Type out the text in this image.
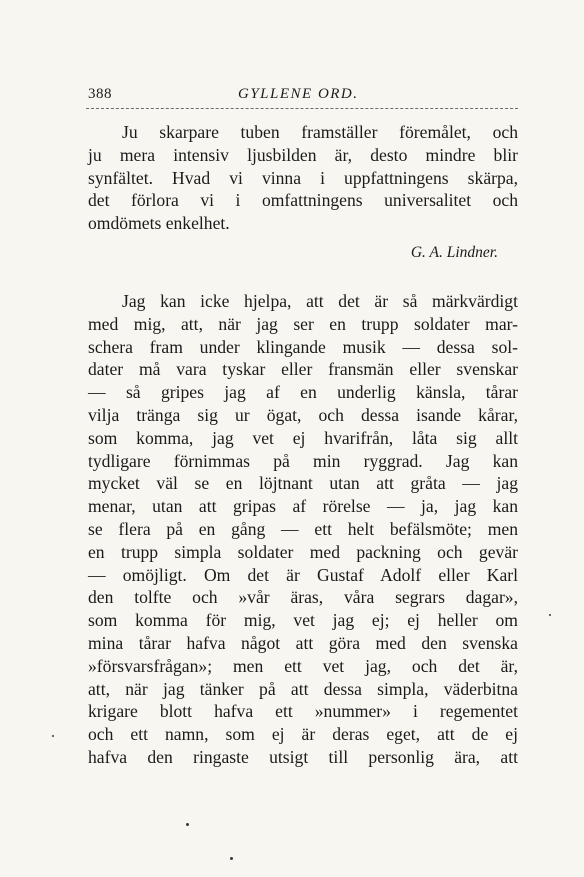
388	GYLLENE ORD.
Ju skarpare tuben framställer föremålet, och
ju mera intensiv ljusbilden är, desto mindre blir
synfältet. Hvad vi vinna i uppfattningens skärpa,
det förlora vi i omfattningens universalitet och
omdömets enkelhet.
G. A. Lindner.
Jag kan icke hjelpa, att det är så märkvärdigt
med mig, att, när jag ser en trupp soldater mar-
schera fram under klingande musik — dessa sol-
dater må vara tyskar eller fransmän eller svenskar
— så gripes jag af en underlig känsla, tårar
vilja tränga sig ur ögat, och dessa isande kårar,
som komma, jag vet ej hvarifrån, låta sig allt
tydligare förnimmas på min ryggrad. Jag kan
mycket väl se en löjtnant utan att gråta — jag
menar, utan att gripas af rörelse — ja, jag kan
se flera på en gång — ett helt befälsmöte; men
en trupp simpla soldater med packning och gevär
— omöjligt. Om det är Gustaf Adolf eller Karl
den tolfte och »vår äras, våra segrars dagar»,
som komma för mig, vet jag ej; ej heller om
mina tårar hafva något att göra med den svenska
»försvarsfrågan»; men ett vet jag, och det är,
att, när jag tänker på att dessa simpla, väderbitna
krigare blott hafva ett »nummer» i regementet
och ett namn, som ej är deras eget, att de ej
hafva den ringaste utsigt till personlig ära, att
